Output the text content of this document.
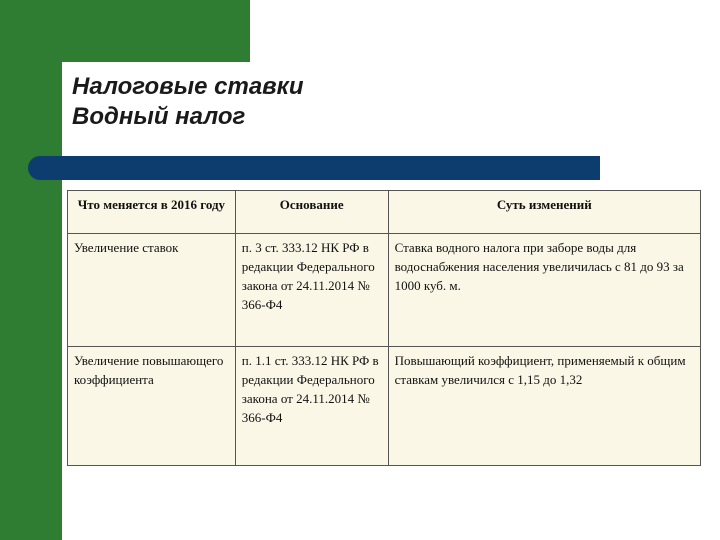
Налоговые ставки
Водный налог
Что меняется в 2016 году	Основание	Суть изменений
Увеличение ставок	п. 3 ст. 333.12 НК РФ в редакции Федерального закона от 24.11.2014 № 366-Ф4	Ставка водного налога при заборе воды для водоснабжения населения увеличилась с 81 до 93 за 1000 куб. м.
Увеличение повышающего коэффициента	п. 1.1 ст. 333.12 НК РФ в редакции Федерального закона от 24.11.2014 № 366-Ф4	Повышающий коэффициент, применяемый к общим ставкам увеличился с 1,15 до 1,32
